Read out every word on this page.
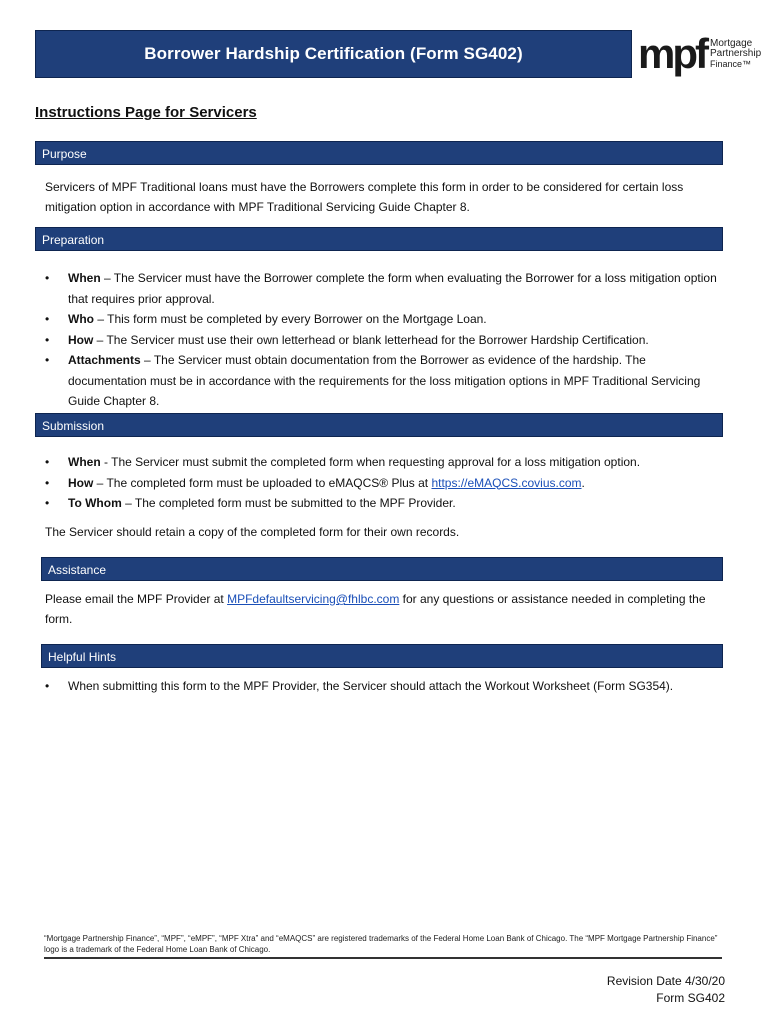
Borrower Hardship Certification (Form SG402)	mpf Mortgage
Partnership
Finance™
Instructions Page for Servicers
Purpose
Servicers of MPF Traditional loans must have the Borrowers complete this form in order to be considered for certain loss mitigation option in accordance with MPF Traditional Servicing Guide Chapter 8.
Preparation
• When – The Servicer must have the Borrower complete the form when evaluating the Borrower for a loss mitigation option that requires prior approval.
• Who – This form must be completed by every Borrower on the Mortgage Loan.
• How – The Servicer must use their own letterhead or blank letterhead for the Borrower Hardship Certification.
• Attachments – The Servicer must obtain documentation from the Borrower as evidence of the hardship. The documentation must be in accordance with the requirements for the loss mitigation options in MPF Traditional Servicing Guide Chapter 8.
Submission
• When - The Servicer must submit the completed form when requesting approval for a loss mitigation option.
• How – The completed form must be uploaded to eMAQCS® Plus at https://eMAQCS.covius.com.
• To Whom – The completed form must be submitted to the MPF Provider.
The Servicer should retain a copy of the completed form for their own records.
Assistance
Please email the MPF Provider at MPFdefaultservicing@fhlbc.com for any questions or assistance needed in completing the form.
Helpful Hints
• When submitting this form to the MPF Provider, the Servicer should attach the Workout Worksheet (Form SG354).
“Mortgage Partnership Finance”, “MPF”, “eMPF”, “MPF Xtra” and “eMAQCS” are registered trademarks of the Federal Home Loan Bank of Chicago. The “MPF Mortgage Partnership Finance” logo is a trademark of the Federal Home Loan Bank of Chicago.
Revision Date 4/30/20
Form SG402
